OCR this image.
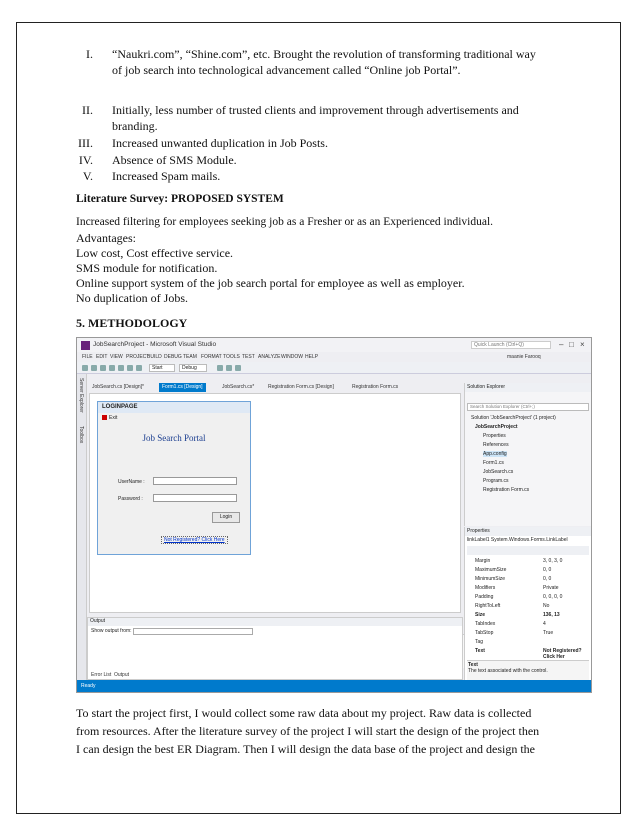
I. “Naukri.com”, “Shine.com”, etc. Brought the revolution of transforming traditional way
of job search into technological advancement called “Online job Portal”.
II. Initially, less number of trusted clients and improvement through advertisements and
branding.
III. Increased unwanted duplication in Job Posts.
IV. Absence of SMS Module.
V. Increased Spam mails.
Literature Survey: PROPOSED SYSTEM
Increased filtering for employees seeking job as a Fresher or as an Experienced individual.
Advantages:
Low cost, Cost effective service.
SMS module for notification.
Online support system of the job search portal for employee as well as employer.
No duplication of Jobs.
5. METHODOLOGY
JobSearchProject - Microsoft Visual Studio	Quick Launch (Ctrl+Q)	– □ ×
FILE EDIT VIEW PROJECT
BUILD DEBUG TEAM FORMAT TOOLS TEST ANALYZE WINDOW HELP	maanie Farooq
Start	Debug
Server Explorer
Toolbox
JobSearch.cs [Design]*	Form1.cs [Design]	JobSearch.cs*	Registration Form.cs [Design]	Registration Form.cs
LOGINPAGE
Exit
Job Search Portal
UserName :
Password :
Login
Not Registered? Click Here
Output
Show output from:
Error List Output
Solution Explorer
Search Solution Explorer (Ctrl+;)
Solution 'JobSearchProject' (1 project)
JobSearchProject
Properties
References
App.config
Form1.cs
JobSearch.cs
Program.cs
Registration Form.cs
Properties
linkLabel1 System.Windows.Forms.LinkLabel
Margin	3, 0, 3, 0
MaximumSize	0, 0
MinimumSize	0, 0
Modifiers	Private
Padding	0, 0, 0, 0
RightToLeft	No
Size	136, 13
TabIndex	4
TabStop	True
Tag
Text	Not Registered? Click Her
Text
The text associated with the control.
Ready
To start the project first, I would collect some raw data about my project. Raw data is collected
from resources. After the literature survey of the project I will start the design of the project then
I can design the best ER Diagram. Then I will design the data base of the project and design the
